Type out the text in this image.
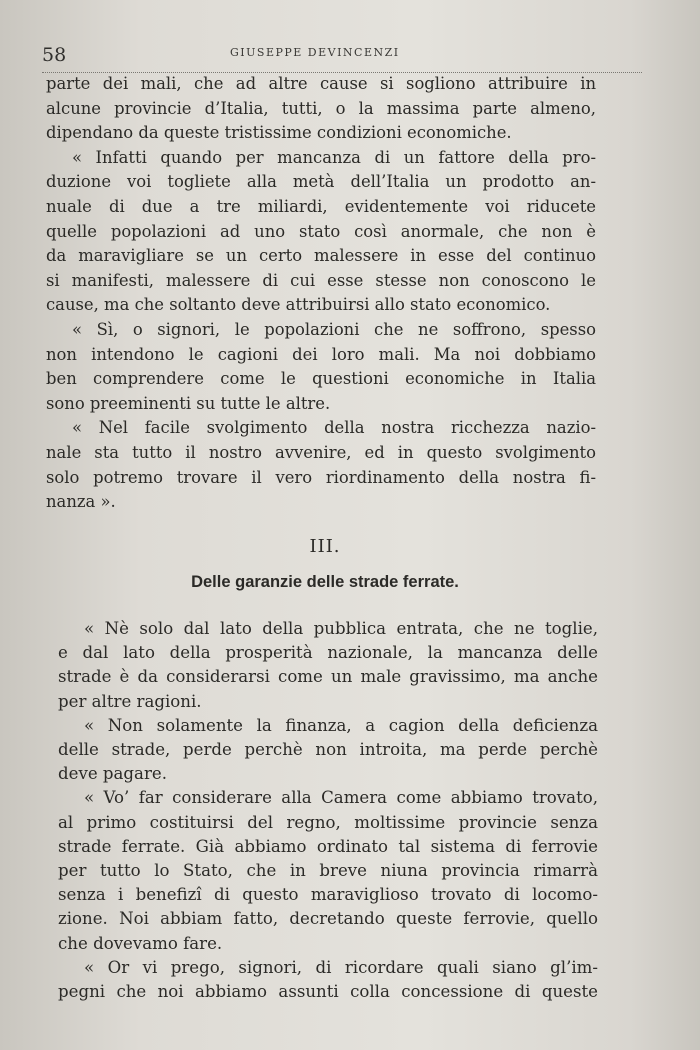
58	GIUSEPPE DEVINCENZI
parte dei mali, che ad altre cause si sogliono attribuire in
alcune provincie d’Italia, tutti, o la massima parte almeno,
dipendano da queste tristissime condizioni economiche.
« Infatti quando per mancanza di un fattore della pro-
duzione voi togliete alla metà dell’Italia un prodotto an-
nuale di due a tre miliardi, evidentemente voi riducete
quelle popolazioni ad uno stato così anormale, che non è
da maravigliare se un certo malessere in esse del continuo
si manifesti, malessere di cui esse stesse non conoscono le
cause, ma che soltanto deve attribuirsi allo stato economico.
« Sì, o signori, le popolazioni che ne soffrono, spesso
non intendono le cagioni dei loro mali. Ma noi dobbiamo
ben comprendere come le questioni economiche in Italia
sono preeminenti su tutte le altre.
« Nel facile svolgimento della nostra ricchezza nazio-
nale sta tutto il nostro avvenire, ed in questo svolgimento
solo potremo trovare il vero riordinamento della nostra fi-
nanza ».
III.
Delle garanzie delle strade ferrate.
« Nè solo dal lato della pubblica entrata, che ne toglie,
e dal lato della prosperità nazionale, la mancanza delle
strade è da considerarsi come un male gravissimo, ma anche
per altre ragioni.
« Non solamente la finanza, a cagion della deficienza
delle strade, perde perchè non introita, ma perde perchè
deve pagare.
« Vo’ far considerare alla Camera come abbiamo trovato,
al primo costituirsi del regno, moltissime provincie senza
strade ferrate. Già abbiamo ordinato tal sistema di ferrovie
per tutto lo Stato, che in breve niuna provincia rimarrà
senza i benefizî di questo maraviglioso trovato di locomo-
zione. Noi abbiam fatto, decretando queste ferrovie, quello
che dovevamo fare.
« Or vi prego, signori, di ricordare quali siano gl’im-
pegni che noi abbiamo assunti colla concessione di queste
